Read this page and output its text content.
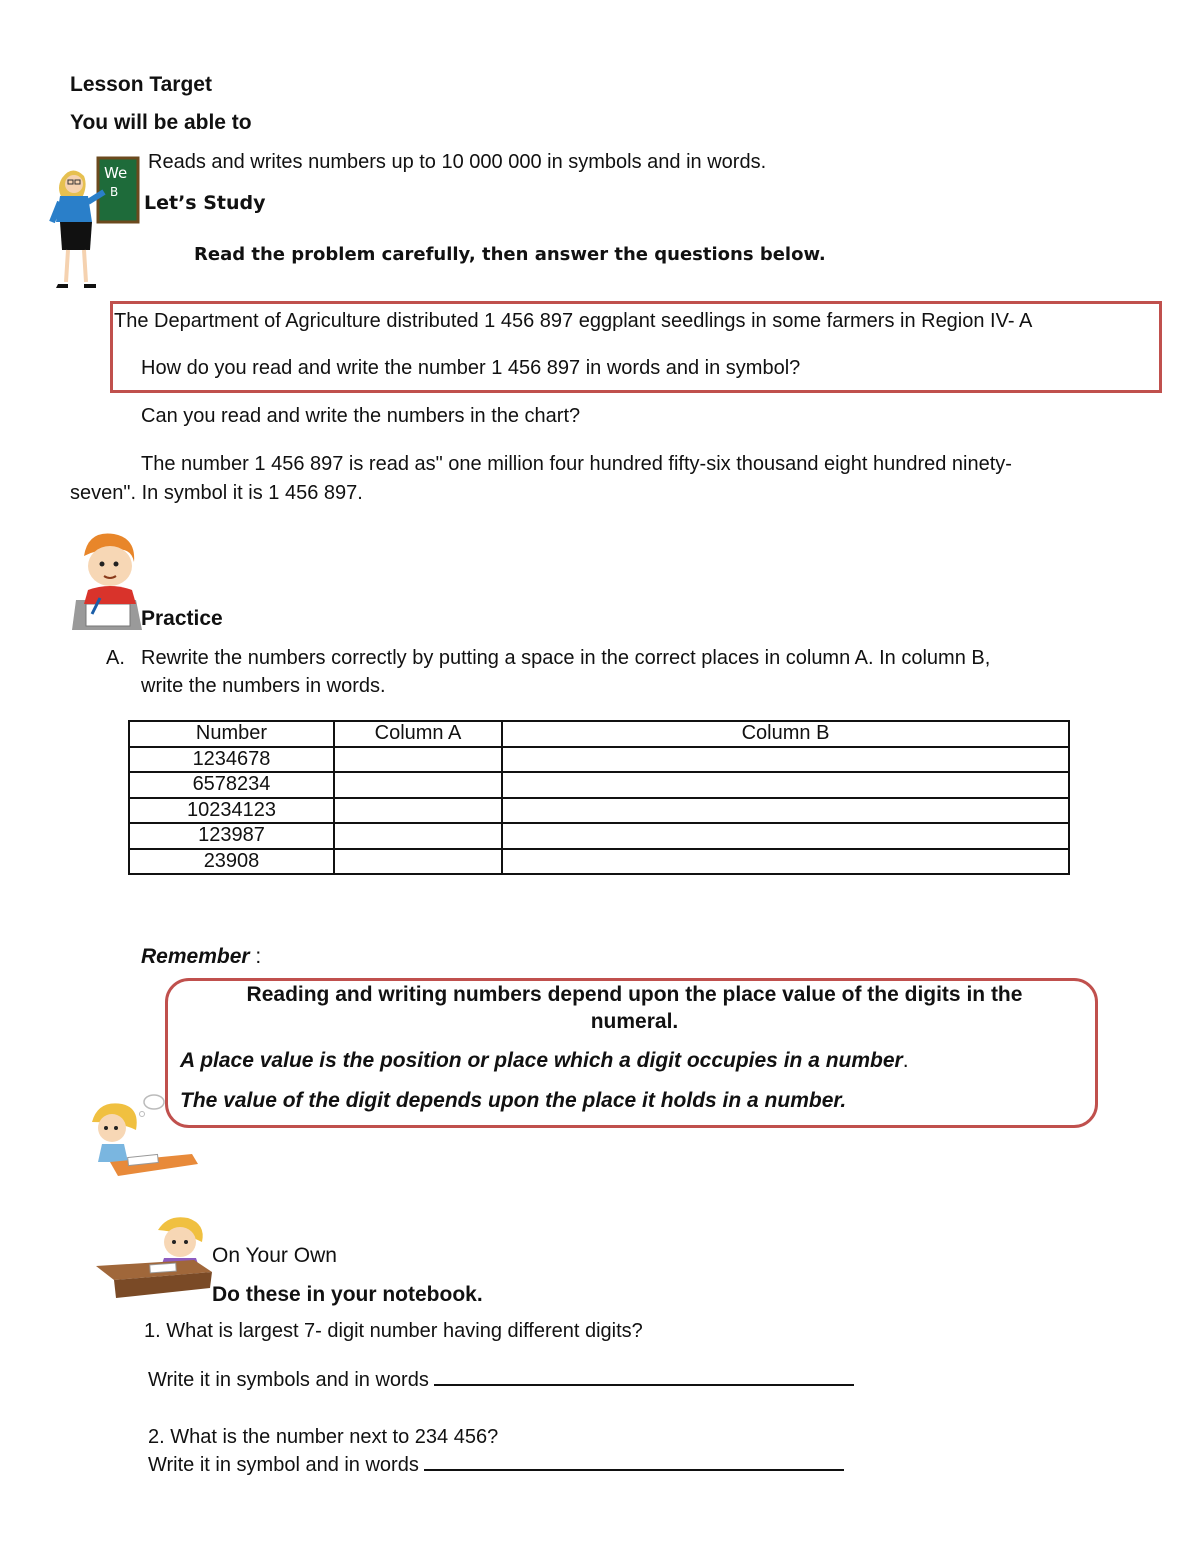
Lesson Target
You will be able to
We
B
Reads and writes numbers up to 10 000 000 in symbols and in words.
Let’s Study
Read the problem carefully, then answer the questions below.
The Department of Agriculture distributed 1 456 897 eggplant seedlings in some farmers in Region IV- A
How do you read and write the number 1 456 897 in words and in symbol?
Can you read and write the numbers in the chart?
The number 1 456 897 is read as" one million four hundred fifty-six thousand eight hundred ninety-
seven". In symbol it is 1 456 897.
Practice
A. Rewrite the numbers correctly by putting a space in the correct places in column A. In column B,
write the numbers in words.
Number	Column A	Column B
1234678		
6578234		
10234123		
123987		
23908		
Remember :
Reading and writing numbers depend upon the place value of the digits in the
numeral.
A place value is the position or place which a digit occupies in a number.
The value of the digit depends upon the place it holds in a number.
On Your Own
Do these in your notebook.
1. What is largest 7- digit number having different digits?
Write it in symbols and in words
2. What is the number next to 234 456?
Write it in symbol and in words
